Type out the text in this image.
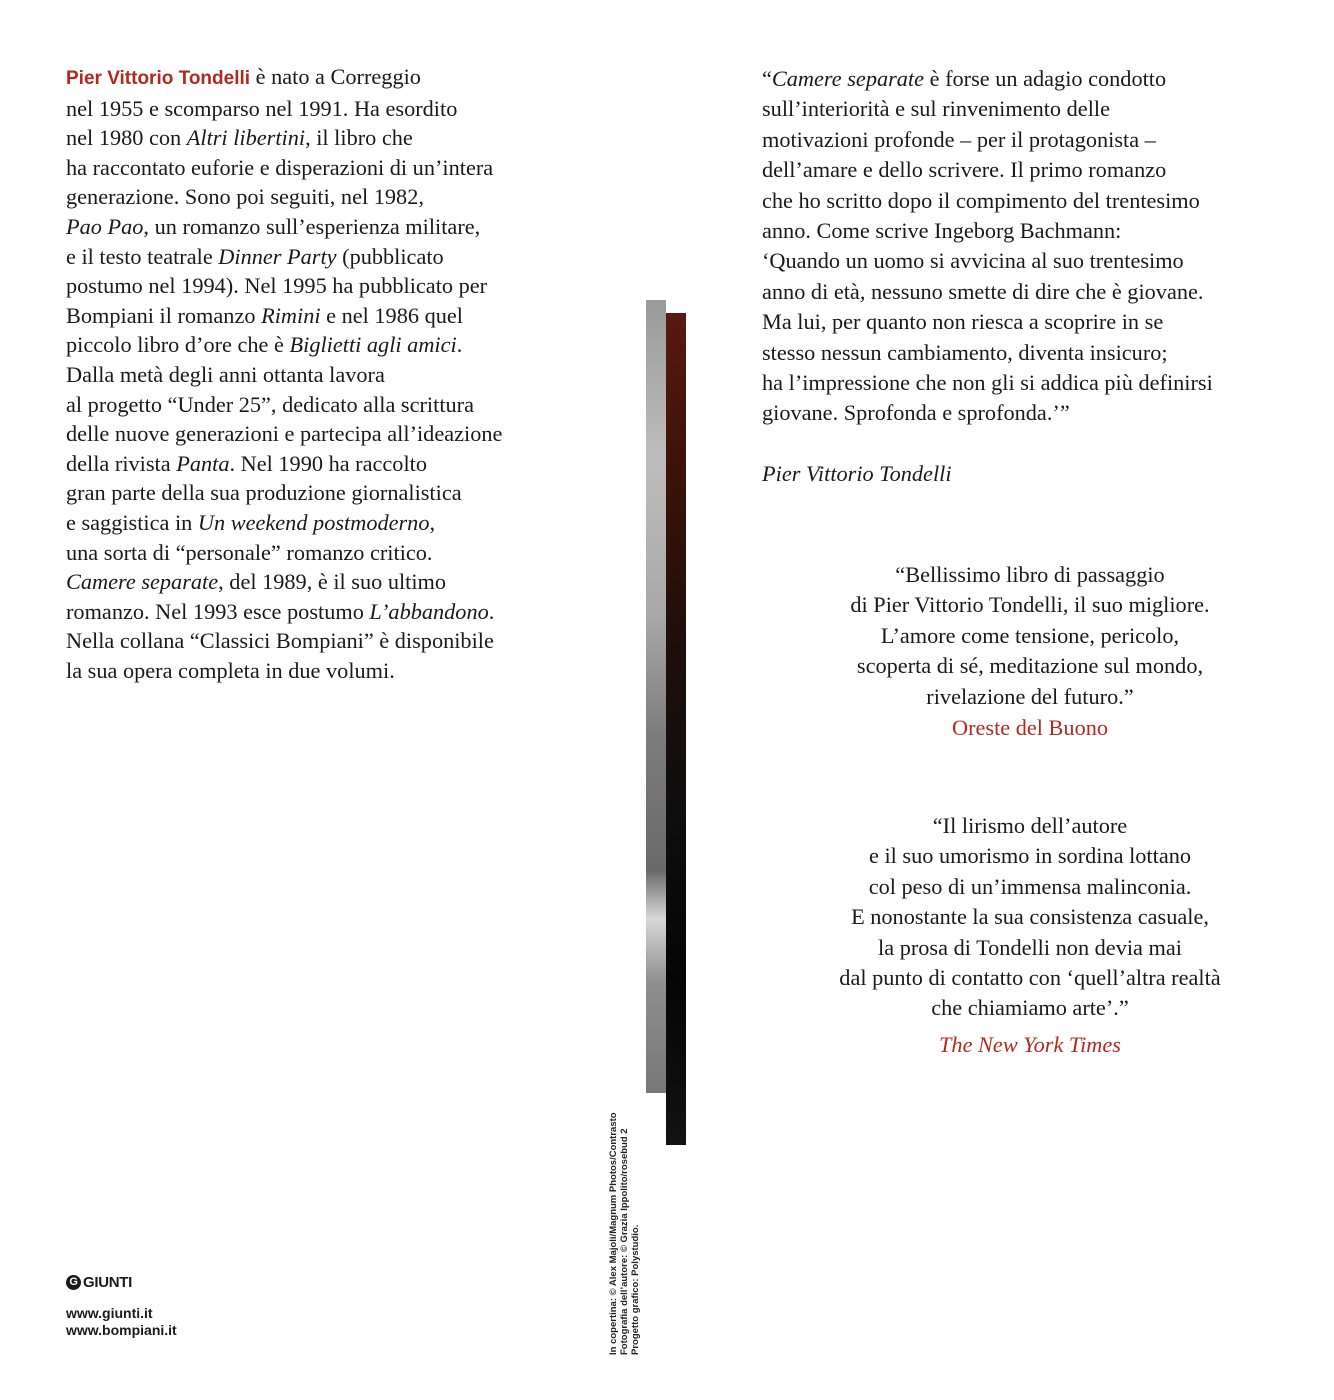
Pier Vittorio Tondelli è nato a Correggio
nel 1955 e scomparso nel 1991. Ha esordito
nel 1980 con Altri libertini, il libro che
ha raccontato euforie e disperazioni di un’intera
generazione. Sono poi seguiti, nel 1982,
Pao Pao, un romanzo sull’esperienza militare,
e il testo teatrale Dinner Party (pubblicato
postumo nel 1994). Nel 1995 ha pubblicato per
Bompiani il romanzo Rimini e nel 1986 quel
piccolo libro d’ore che è Biglietti agli amici.
Dalla metà degli anni ottanta lavora
al progetto “Under 25”, dedicato alla scrittura
delle nuove generazioni e partecipa all’ideazione
della rivista Panta. Nel 1990 ha raccolto
gran parte della sua produzione giornalistica
e saggistica in Un weekend postmoderno,
una sorta di “personale” romanzo critico.
Camere separate, del 1989, è il suo ultimo
romanzo. Nel 1993 esce postumo L’abbandono.
Nella collana “Classici Bompiani” è disponibile
la sua opera completa in due volumi.
In copertina: © Alex Majoli/Magnum Photos/Contrasto Fotografia dell’autore: © Grazia Ippolito/rosebud 2 Progetto grafico: Polystudio.
G GIUNTI
www.giunti.it
www.bompiani.it
“Camere separate è forse un adagio condotto
sull’interiorità e sul rinvenimento delle
motivazioni profonde – per il protagonista –
dell’amare e dello scrivere. Il primo romanzo
che ho scritto dopo il compimento del trentesimo
anno. Come scrive Ingeborg Bachmann:
‘Quando un uomo si avvicina al suo trentesimo
anno di età, nessuno smette di dire che è giovane.
Ma lui, per quanto non riesca a scoprire in se
stesso nessun cambiamento, diventa insicuro;
ha l’impressione che non gli si addica più definirsi
giovane. Sprofonda e sprofonda.’”
Pier Vittorio Tondelli
“Bellissimo libro di passaggio
di Pier Vittorio Tondelli, il suo migliore.
L’amore come tensione, pericolo,
scoperta di sé, meditazione sul mondo,
rivelazione del futuro.”
Oreste del Buono
“Il lirismo dell’autore
e il suo umorismo in sordina lottano
col peso di un’immensa malinconia.
E nonostante la sua consistenza casuale,
la prosa di Tondelli non devia mai
dal punto di contatto con ‘quell’altra realtà
che chiamiamo arte’.”
The New York Times
